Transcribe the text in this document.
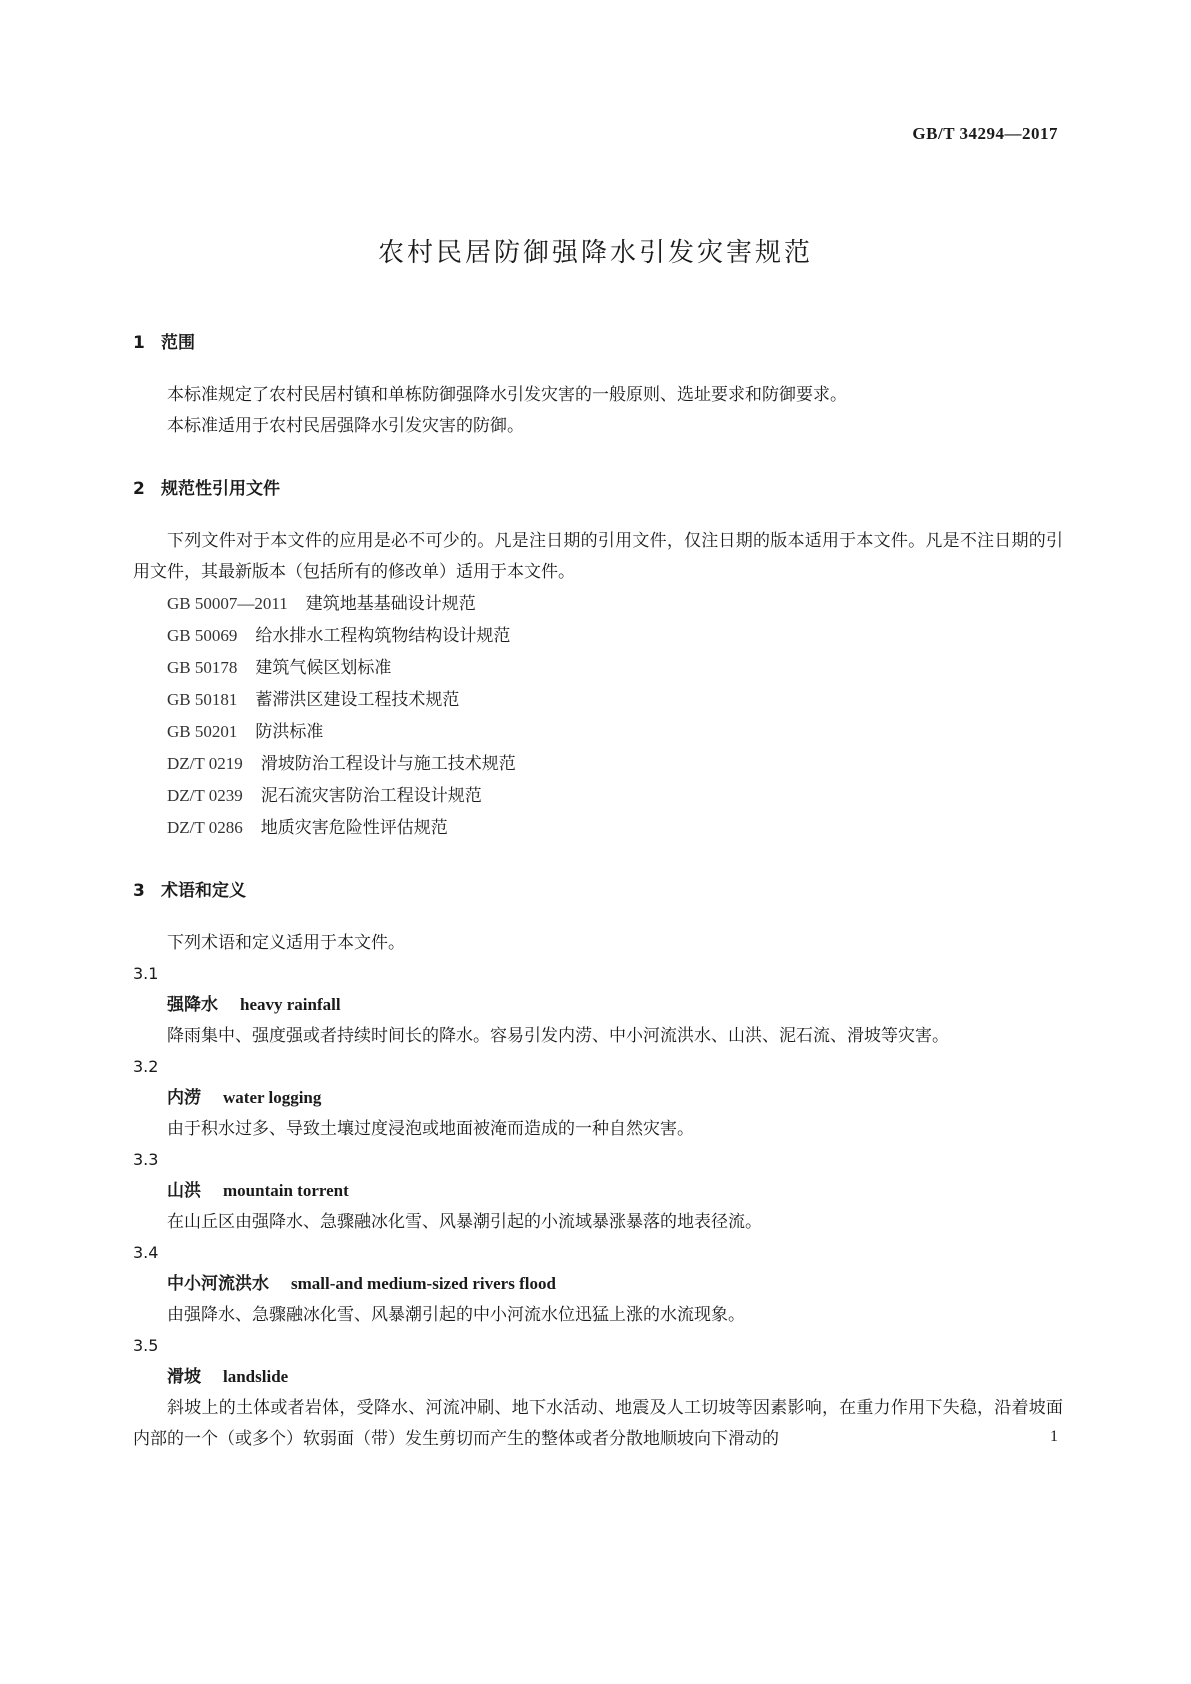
GB/T 34294—2017
农村民居防御强降水引发灾害规范
1 范围
本标准规定了农村民居村镇和单栋防御强降水引发灾害的一般原则、选址要求和防御要求。
本标准适用于农村民居强降水引发灾害的防御。
2 规范性引用文件
下列文件对于本文件的应用是必不可少的。凡是注日期的引用文件，仅注日期的版本适用于本文件。凡是不注日期的引用文件，其最新版本（包括所有的修改单）适用于本文件。
GB 50007—2011 建筑地基基础设计规范
GB 50069 给水排水工程构筑物结构设计规范
GB 50178 建筑气候区划标准
GB 50181 蓄滞洪区建设工程技术规范
GB 50201 防洪标准
DZ/T 0219 滑坡防治工程设计与施工技术规范
DZ/T 0239 泥石流灾害防治工程设计规范
DZ/T 0286 地质灾害危险性评估规范
3 术语和定义
下列术语和定义适用于本文件。
3.1
强降水 heavy rainfall
降雨集中、强度强或者持续时间长的降水。容易引发内涝、中小河流洪水、山洪、泥石流、滑坡等灾害。
3.2
内涝 water logging
由于积水过多、导致土壤过度浸泡或地面被淹而造成的一种自然灾害。
3.3
山洪 mountain torrent
在山丘区由强降水、急骤融冰化雪、风暴潮引起的小流域暴涨暴落的地表径流。
3.4
中小河流洪水 small-and medium-sized rivers flood
由强降水、急骤融冰化雪、风暴潮引起的中小河流水位迅猛上涨的水流现象。
3.5
滑坡 landslide
斜坡上的土体或者岩体，受降水、河流冲刷、地下水活动、地震及人工切坡等因素影响，在重力作用下失稳，沿着坡面内部的一个（或多个）软弱面（带）发生剪切而产生的整体或者分散地顺坡向下滑动的	1
